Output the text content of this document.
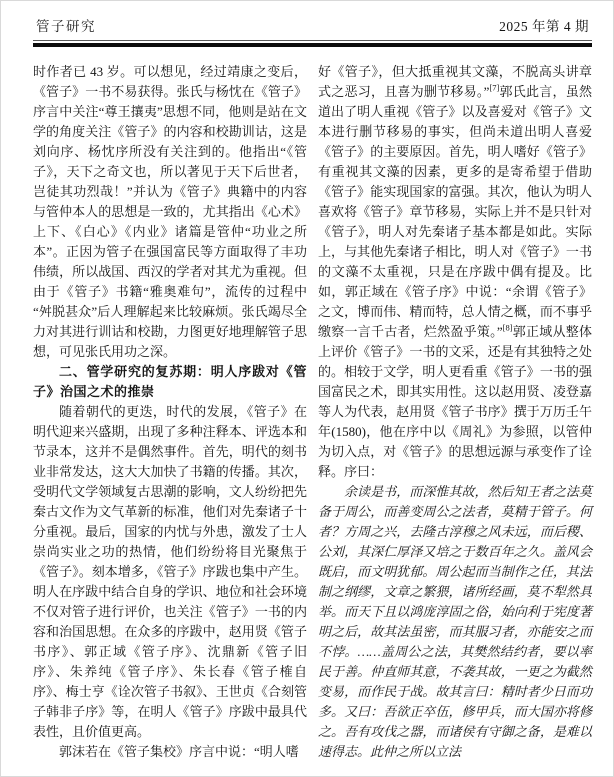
管子研究	2025 年第 4 期

时作者已 43 岁。可以想见，经过靖康之变后，《管子》一书不易获得。张氏与杨忱在《管子》序言中关注“尊王攘夷”思想不同，他则是站在文学的角度关注《管子》的内容和校勘训诂，这是刘向序、杨忱序所没有关注到的。他指出“《管子》，天下之奇文也，所以著见于天下后世者，岂徒其功烈哉！”并认为《管子》典籍中的内容与管仲本人的思想是一致的，尤其指出《心术》上下、《白心》《内业》诸篇是管仲“功业之所本”。正因为管子在强国富民等方面取得了丰功伟绩，所以战国、西汉的学者对其尤为重视。但由于《管子》书籍“雅奥难句”，流传的过程中“舛脱甚众”后人理解起来比较麻烦。张氏竭尽全力对其进行训诂和校勘，力图更好地理解管子思想，可见张氏用功之深。

二、管学研究的复苏期：明人序跋对《管子》治国之术的推崇

随着朝代的更迭，时代的发展，《管子》在明代迎来兴盛期，出现了多种注释本、评选本和节录本，这并不是偶然事件。首先，明代的刻书业非常发达，这大大加快了书籍的传播。其次，受明代文学领域复古思潮的影响，文人纷纷把先秦古文作为文气革新的标准，他们对先秦诸子十分重视。最后，国家的内忧与外患，激发了士人崇尚实业之功的热情，他们纷纷将目光聚焦于《管子》。刻本增多，《管子》序跋也集中产生。明人在序跋中结合自身的学识、地位和社会环境不仅对管子进行评价，也关注《管子》一书的内容和治国思想。在众多的序跋中，赵用贤《管子书序》、郭正域《管子序》、沈鼎新《管子旧序》、朱养纯《管子序》、朱长春《管子榷自序》、梅士亨《诠次管子书叙》、王世贞《合刻管子韩非子序》等，在明人《管子》序跋中最具代表性，且价值更高。

郭沫若在《管子集校》序言中说：“明人嗜

好《管子》，但大抵重视其文藻，不脱高头讲章式之恶习，且喜为删节移易。”[7]郭氏此言，虽然道出了明人重视《管子》以及喜爱对《管子》文本进行删节移易的事实，但尚未道出明人喜爱《管子》的主要原因。首先，明人嗜好《管子》有重视其文藻的因素，更多的是寄希望于借助《管子》能实现国家的富强。其次，他认为明人喜欢将《管子》章节移易，实际上并不是只针对《管子》，明人对先秦诸子基本都是如此。实际上，与其他先秦诸子相比，明人对《管子》一书的文藻不太重视，只是在序跋中偶有提及。比如，郭正域在《管子序》中说：“余谓《管子》之文，博而伟、精而特，总人情之概，而不事乎缴察一言千古者，烂然盈乎策。”[8]郭正域从整体上评价《管子》一书的文采，还是有其独特之处的。相较于文学，明人更看重《管子》一书的强国富民之术，即其实用性。这以赵用贤、凌登嘉等人为代表，赵用贤《管子书序》撰于万历壬午年(1580)，他在序中以《周礼》为参照，以管仲为切入点，对《管子》的思想远源与承变作了诠释。序曰：

余读是书，而深惟其故，然后知王者之法莫备于周公，而善变周公之法者，莫精于管子。何者？方周之兴，去隆古淳穆之风未远，而后稷、公刘，其深仁厚泽又培之于数百年之久。盖风会既启，而文明犹郁。周公起而当制作之任，其法制之纲缪，文章之繁猥，诸所经画，莫不犁然具举。而天下且以鸿庞淳固之俗，始向利于宪度著明之后，故其法虽密，而其服习者，亦能安之而不悖。……盖周公之法，其樊然结约者，要以率民于善。仲直师其意，不袭其故，一更之为截然变易，而作民于战。故其言曰：精时者少日而功多。又曰：吾欲正卒伍，修甲兵，而大国亦将修之。吾有攻伐之器，而诸侯有守御之备，是难以速得志。此仲之所以立法
